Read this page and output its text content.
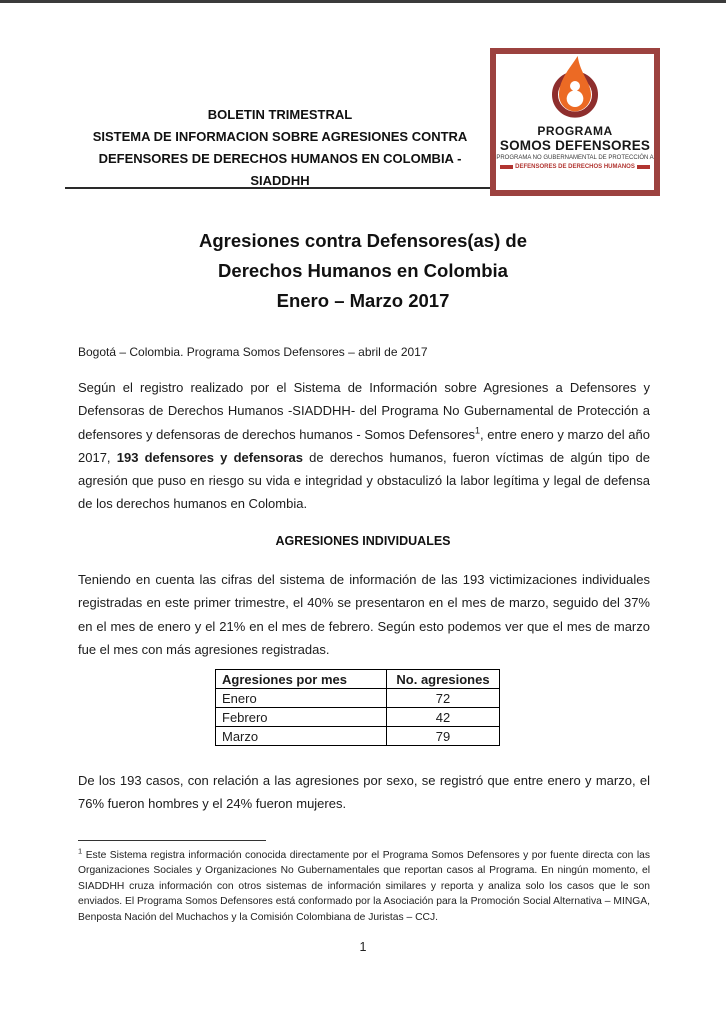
BOLETIN TRIMESTRAL
SISTEMA DE INFORMACION SOBRE AGRESIONES CONTRA
DEFENSORES DE DERECHOS HUMANOS EN COLOMBIA -
SIADDHH
PROGRAMA
SOMOS DEFENSORES
PROGRAMA NO GUBERNAMENTAL DE PROTECCIÓN A
DEFENSORES DE DERECHOS HUMANOS
Agresiones contra Defensores(as) de
Derechos Humanos en Colombia
Enero – Marzo 2017
Bogotá – Colombia. Programa Somos Defensores – abril de 2017
Según el registro realizado por el Sistema de Información sobre Agresiones a Defensores y Defensoras de Derechos Humanos -SIADDHH- del Programa No Gubernamental de Protección a defensores y defensoras de derechos humanos - Somos Defensores$^1$, entre enero y marzo del año 2017, 193 defensores y defensoras de derechos humanos, fueron víctimas de algún tipo de agresión que puso en riesgo su vida e integridad y obstaculizó la labor legítima y legal de defensa de los derechos humanos en Colombia.
AGRESIONES INDIVIDUALES
Teniendo en cuenta las cifras del sistema de información de las 193 victimizaciones individuales registradas en este primer trimestre, el 40% se presentaron en el mes de marzo, seguido del 37% en el mes de enero y el 21% en el mes de febrero. Según esto podemos ver que el mes de marzo fue el mes con más agresiones registradas.
Agresiones por mes	No. agresiones
Enero	72
Febrero	42
Marzo	79
De los 193 casos, con relación a las agresiones por sexo, se registró que entre enero y marzo, el 76% fueron hombres y el 24% fueron mujeres.
$^1$ Este Sistema registra información conocida directamente por el Programa Somos Defensores y por fuente directa con las Organizaciones Sociales y Organizaciones No Gubernamentales que reportan casos al Programa. En ningún momento, el SIADDHH cruza información con otros sistemas de información similares y reporta y analiza solo los casos que le son enviados. El Programa Somos Defensores está conformado por la Asociación para la Promoción Social Alternativa – MINGA, Benposta Nación del Muchachos y la Comisión Colombiana de Juristas – CCJ.
1
